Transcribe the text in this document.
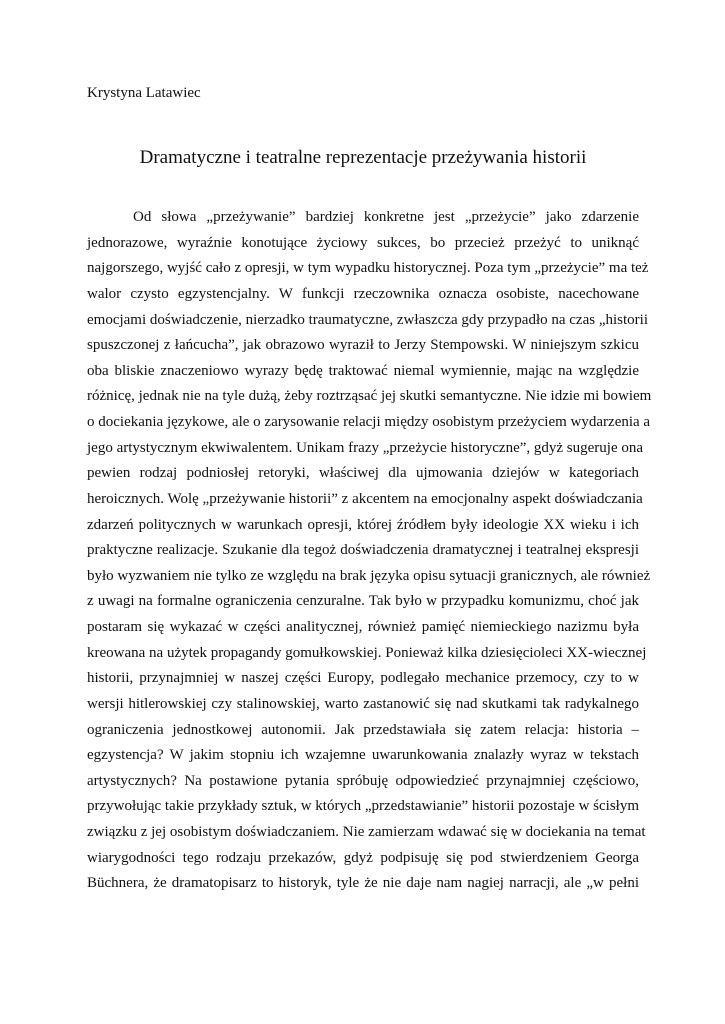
Krystyna Latawiec
Dramatyczne i teatralne reprezentacje przeżywania historii
Od słowa „przeżywanie” bardziej konkretne jest „przeżycie” jako zdarzenie
jednorazowe, wyraźnie konotujące życiowy sukces, bo przecież przeżyć to uniknąć
najgorszego, wyjść cało z opresji, w tym wypadku historycznej. Poza tym „przeżycie” ma też
walor czysto egzystencjalny. W funkcji rzeczownika oznacza osobiste, nacechowane
emocjami doświadczenie, nierzadko traumatyczne, zwłaszcza gdy przypadło na czas „historii
spuszczonej z łańcucha”, jak obrazowo wyraził to Jerzy Stempowski. W niniejszym szkicu
oba bliskie znaczeniowo wyrazy będę traktować niemal wymiennie, mając na względzie
różnicę, jednak nie na tyle dużą, żeby roztrząsać jej skutki semantyczne. Nie idzie mi bowiem
o dociekania językowe, ale o zarysowanie relacji między osobistym przeżyciem wydarzenia a
jego artystycznym ekwiwalentem. Unikam frazy „przeżycie historyczne”, gdyż sugeruje ona
pewien rodzaj podniosłej retoryki, właściwej dla ujmowania dziejów w kategoriach
heroicznych. Wolę „przeżywanie historii” z akcentem na emocjonalny aspekt doświadczania
zdarzeń politycznych w warunkach opresji, której źródłem były ideologie XX wieku i ich
praktyczne realizacje. Szukanie dla tegoż doświadczenia dramatycznej i teatralnej ekspresji
było wyzwaniem nie tylko ze względu na brak języka opisu sytuacji granicznych, ale również
z uwagi na formalne ograniczenia cenzuralne. Tak było w przypadku komunizmu, choć jak
postaram się wykazać w części analitycznej, również pamięć niemieckiego nazizmu była
kreowana na użytek propagandy gomułkowskiej. Ponieważ kilka dziesięcioleci XX-wiecznej
historii, przynajmniej w naszej części Europy, podlegało mechanice przemocy, czy to w
wersji hitlerowskiej czy stalinowskiej, warto zastanowić się nad skutkami tak radykalnego
ograniczenia jednostkowej autonomii. Jak przedstawiała się zatem relacja: historia –
egzystencja? W jakim stopniu ich wzajemne uwarunkowania znalazły wyraz w tekstach
artystycznych? Na postawione pytania spróbuję odpowiedzieć przynajmniej częściowo,
przywołując takie przykłady sztuk, w których „przedstawianie” historii pozostaje w ścisłym
związku z jej osobistym doświadczaniem. Nie zamierzam wdawać się w dociekania na temat
wiarygodności tego rodzaju przekazów, gdyż podpisuję się pod stwierdzeniem Georga
Büchnera, że dramatopisarz to historyk, tyle że nie daje nam nagiej narracji, ale „w pełni
